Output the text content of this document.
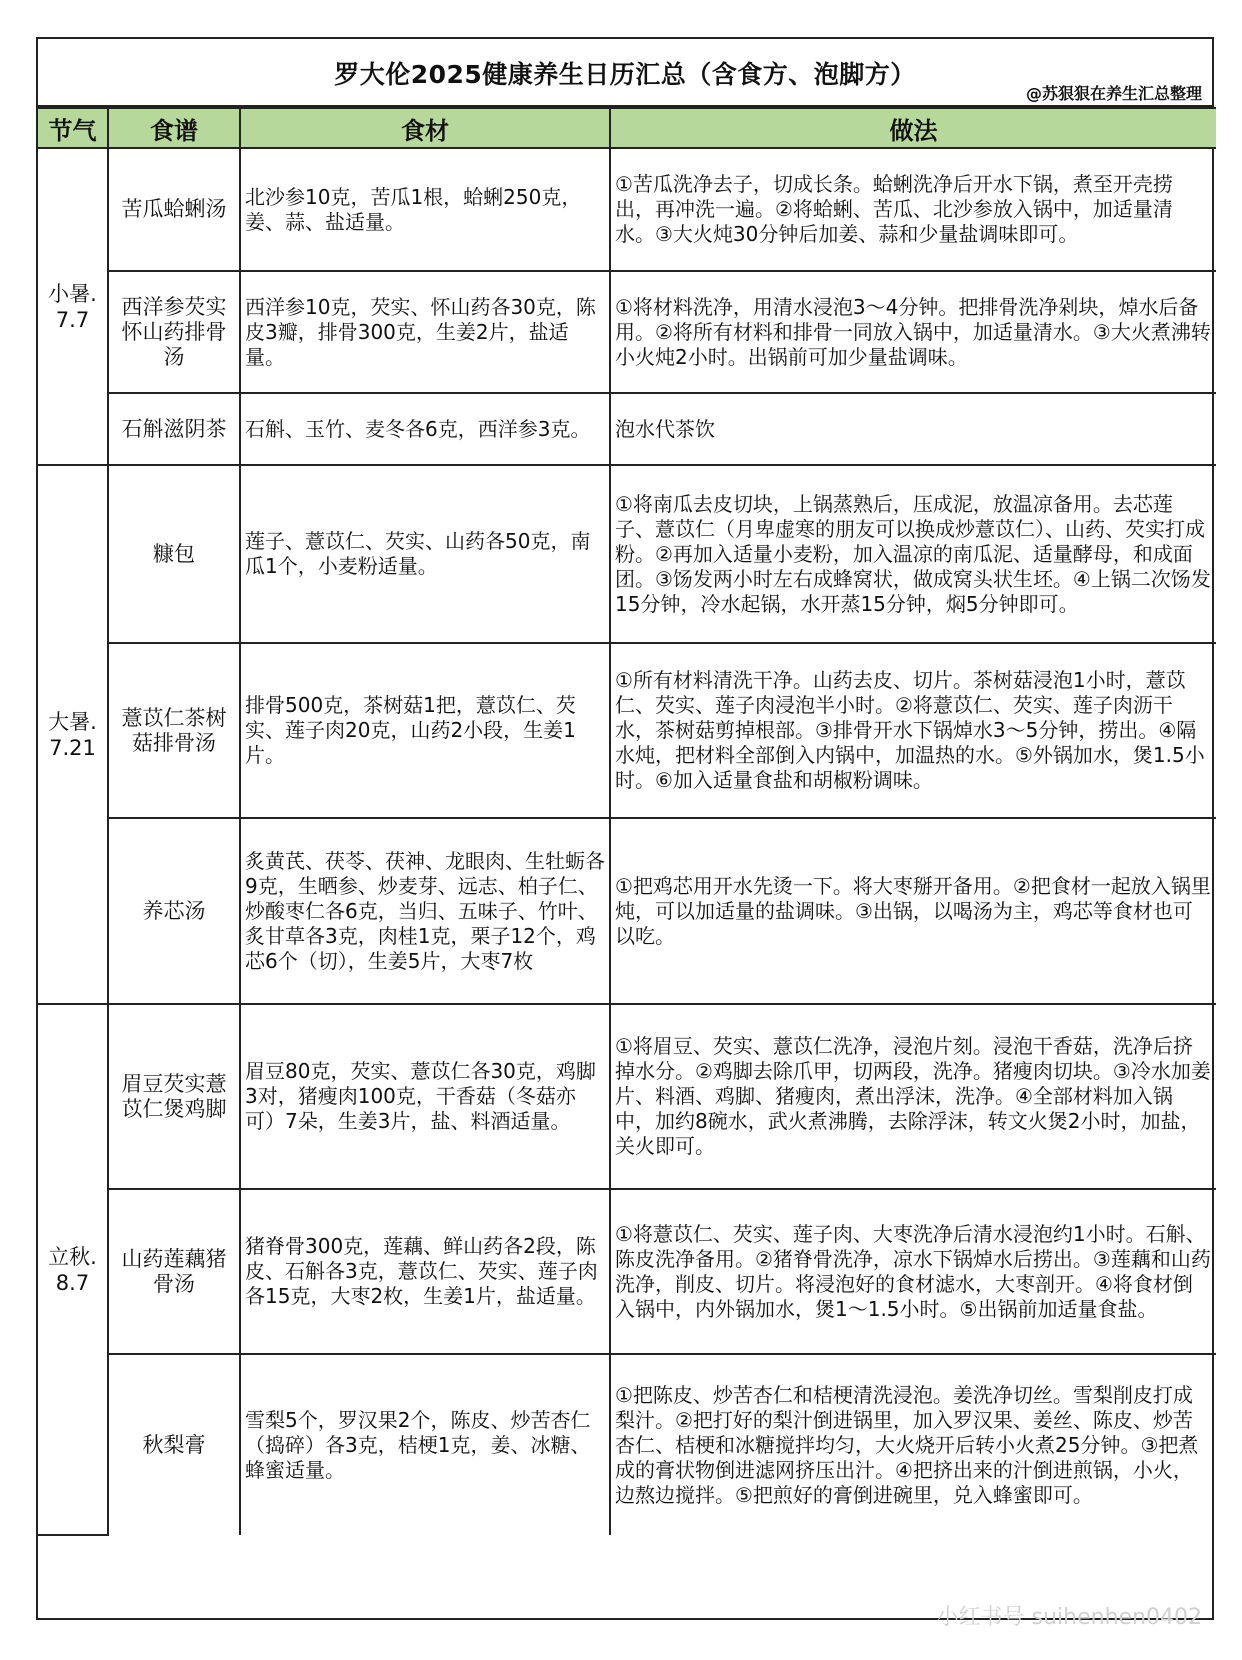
罗大伦2025健康养生日历汇总（含食方、泡脚方）
@苏狠狠在养生汇总整理
节气	食谱	食材	做法
小暑.
7.7	苦瓜蛤蜊汤	北沙参10克，苦瓜1根，蛤蜊250克，姜、蒜、盐适量。	①苦瓜洗净去子，切成长条。蛤蜊洗净后开水下锅，煮至开壳捞出，再冲洗一遍。②将蛤蜊、苦瓜、北沙参放入锅中，加适量清水。③大火炖30分钟后加姜、蒜和少量盐调味即可。
	西洋参芡实怀山药排骨汤	西洋参10克，芡实、怀山药各30克，陈皮3瓣，排骨300克，生姜2片，盐适量。	①将材料洗净，用清水浸泡3～4分钟。把排骨洗净剁块，焯水后备用。②将所有材料和排骨一同放入锅中，加适量清水。③大火煮沸转小火炖2小时。出锅前可加少量盐调味。
	石斛滋阴茶	石斛、玉竹、麦冬各6克，西洋参3克。	泡水代茶饮
大暑.
7.21	糠包	莲子、薏苡仁、芡实、山药各50克，南瓜1个，小麦粉适量。	①将南瓜去皮切块，上锅蒸熟后，压成泥，放温凉备用。去芯莲子、薏苡仁（月卑虚寒的朋友可以换成炒薏苡仁）、山药、芡实打成粉。②再加入适量小麦粉，加入温凉的南瓜泥、适量酵母，和成面团。③饧发两小时左右成蜂窝状，做成窝头状生坯。④上锅二次饧发15分钟，冷水起锅，水开蒸15分钟，焖5分钟即可。
	薏苡仁茶树菇排骨汤	排骨500克，茶树菇1把，薏苡仁、芡实、莲子肉20克，山药2小段，生姜1片。	①所有材料清洗干净。山药去皮、切片。茶树菇浸泡1小时，薏苡仁、芡实、莲子肉浸泡半小时。②将薏苡仁、芡实、莲子肉沥干水，茶树菇剪掉根部。③排骨开水下锅焯水3～5分钟，捞出。④隔水炖，把材料全部倒入内锅中，加温热的水。⑤外锅加水，煲1.5小时。⑥加入适量食盐和胡椒粉调味。
	养芯汤	炙黄芪、茯苓、茯神、龙眼肉、生牡蛎各9克，生晒参、炒麦芽、远志、柏子仁、炒酸枣仁各6克，当归、五味子、竹叶、炙甘草各3克，肉桂1克，栗子12个，鸡芯6个（切），生姜5片，大枣7枚	①把鸡芯用开水先烫一下。将大枣掰开备用。②把食材一起放入锅里炖，可以加适量的盐调味。③出锅，以喝汤为主，鸡芯等食材也可以吃。
立秋.
8.7	眉豆芡实薏苡仁煲鸡脚	眉豆80克，芡实、薏苡仁各30克，鸡脚3对，猪瘦肉100克，干香菇（冬菇亦可）7朵，生姜3片，盐、料酒适量。	①将眉豆、芡实、薏苡仁洗净，浸泡片刻。浸泡干香菇，洗净后挤掉水分。②鸡脚去除爪甲，切两段，洗净。猪瘦肉切块。③冷水加姜片、料酒、鸡脚、猪瘦肉，煮出浮沫，洗净。④全部材料加入锅中，加约8碗水，武火煮沸腾，去除浮沫，转文火煲2小时，加盐，关火即可。
	山药莲藕猪骨汤	猪脊骨300克，莲藕、鲜山药各2段，陈皮、石斛各3克，薏苡仁、芡实、莲子肉各15克，大枣2枚，生姜1片，盐适量。	①将薏苡仁、芡实、莲子肉、大枣洗净后清水浸泡约1小时。石斛、陈皮洗净备用。②猪脊骨洗净，凉水下锅焯水后捞出。③莲藕和山药洗净，削皮、切片。将浸泡好的食材滤水，大枣剖开。④将食材倒入锅中，内外锅加水，煲1～1.5小时。⑤出锅前加适量食盐。
	秋梨膏	雪梨5个，罗汉果2个，陈皮、炒苦杏仁（捣碎）各3克，桔梗1克，姜、冰糖、蜂蜜适量。	①把陈皮、炒苦杏仁和桔梗清洗浸泡。姜洗净切丝。雪梨削皮打成梨汁。②把打好的梨汁倒进锅里，加入罗汉果、姜丝、陈皮、炒苦杏仁、桔梗和冰糖搅拌均匀，大火烧开后转小火煮25分钟。③把煮成的膏状物倒进滤网挤压出汁。④把挤出来的汁倒进煎锅，小火，边熬边搅拌。⑤把煎好的膏倒进碗里，兑入蜂蜜即可。
小红书号 suihenhen0402
